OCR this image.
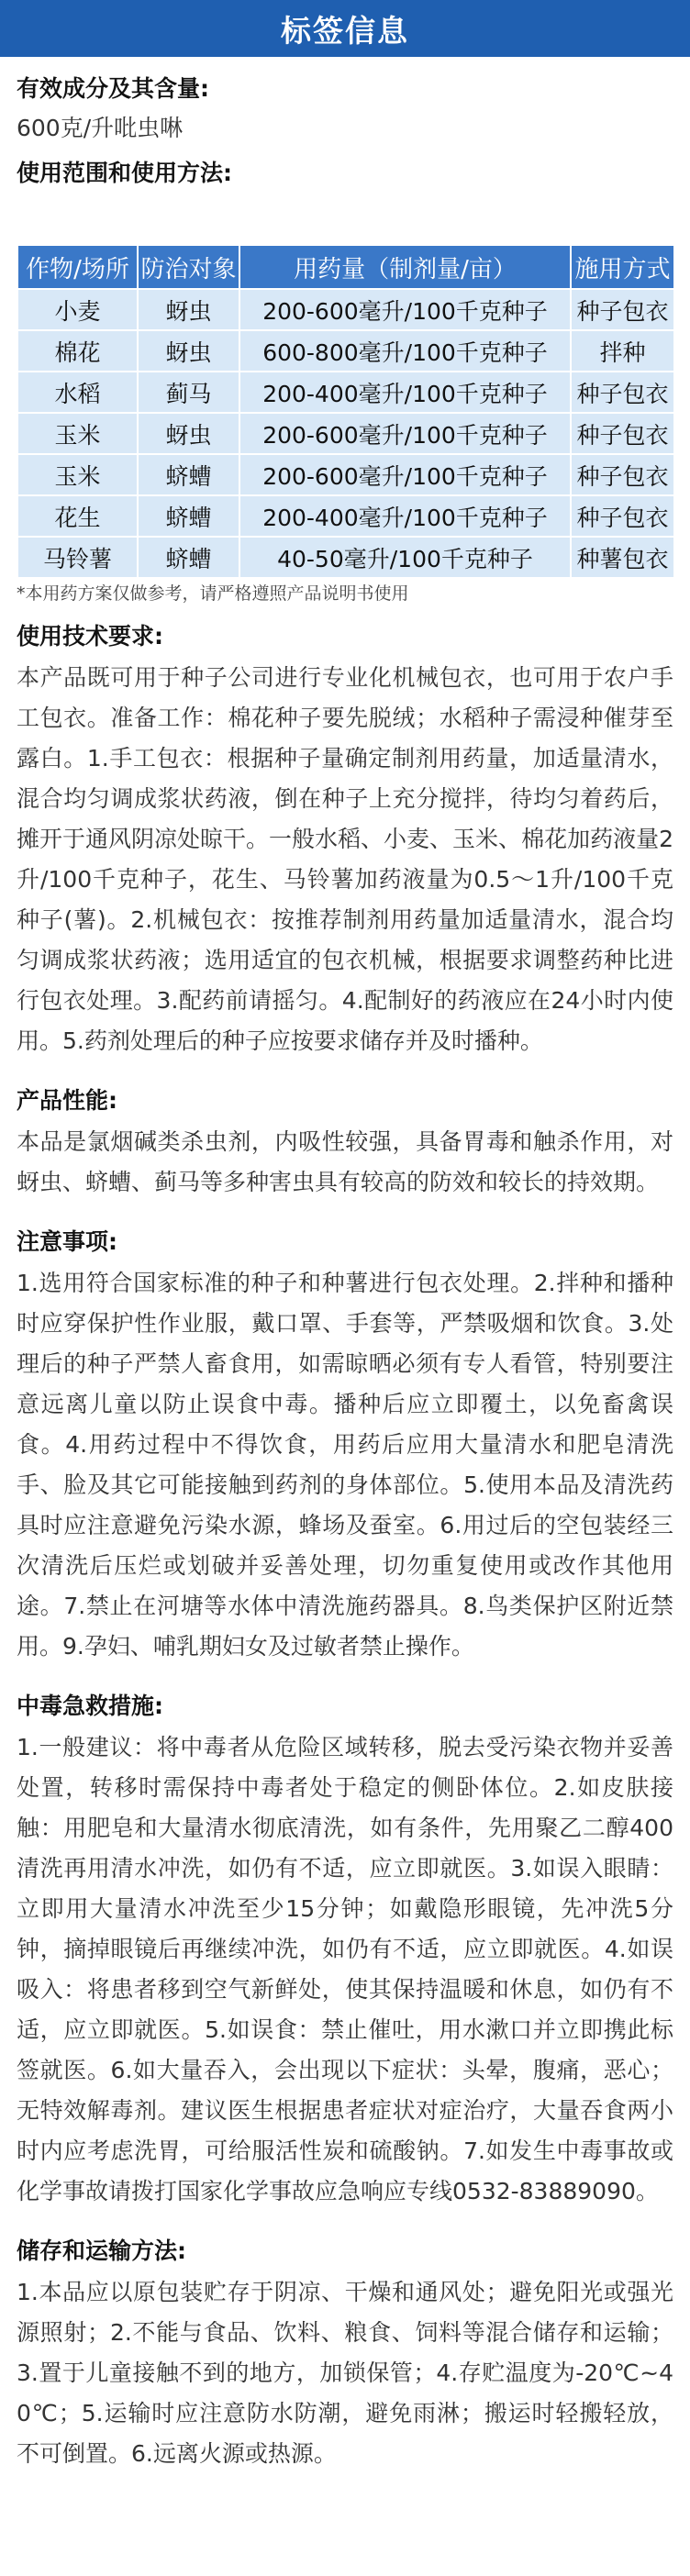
标签信息
有效成分及其含量:
600克/升吡虫啉
使用范围和使用方法:
作物/场所	防治对象	用药量（制剂量/亩）	施用方式
小麦	蚜虫	200-600毫升/100千克种子	种子包衣
棉花	蚜虫	600-800毫升/100千克种子	拌种
水稻	蓟马	200-400毫升/100千克种子	种子包衣
玉米	蚜虫	200-600毫升/100千克种子	种子包衣
玉米	蛴螬	200-600毫升/100千克种子	种子包衣
花生	蛴螬	200-400毫升/100千克种子	种子包衣
马铃薯	蛴螬	40-50毫升/100千克种子	种薯包衣
*本用药方案仅做参考，请严格遵照产品说明书使用
使用技术要求:
本产品既可用于种子公司进行专业化机械包衣，也可用于农户手工包衣。准备工作：棉花种子要先脱绒；水稻种子需浸种催芽至露白。1.手工包衣：根据种子量确定制剂用药量，加适量清水，混合均匀调成浆状药液，倒在种子上充分搅拌，待均匀着药后，摊开于通风阴凉处晾干。一般水稻、小麦、玉米、棉花加药液量2升/100千克种子，花生、马铃薯加药液量为0.5～1升/100千克种子(薯)。2.机械包衣：按推荐制剂用药量加适量清水，混合均匀调成浆状药液；选用适宜的包衣机械，根据要求调整药种比进行包衣处理。3.配药前请摇匀。4.配制好的药液应在24小时内使用。5.药剂处理后的种子应按要求储存并及时播种。
产品性能:
本品是氯烟碱类杀虫剂，内吸性较强，具备胃毒和触杀作用，对蚜虫、蛴螬、蓟马等多种害虫具有较高的防效和较长的持效期。
注意事项:
1.选用符合国家标准的种子和种薯进行包衣处理。2.拌种和播种时应穿保护性作业服，戴口罩、手套等，严禁吸烟和饮食。3.处理后的种子严禁人畜食用，如需晾晒必须有专人看管，特别要注意远离儿童以防止误食中毒。播种后应立即覆土，以免畜禽误食。4.用药过程中不得饮食，用药后应用大量清水和肥皂清洗手、脸及其它可能接触到药剂的身体部位。5.使用本品及清洗药具时应注意避免污染水源，蜂场及蚕室。6.用过后的空包装经三次清洗后压烂或划破并妥善处理，切勿重复使用或改作其他用途。7.禁止在河塘等水体中清洗施药器具。8.鸟类保护区附近禁用。9.孕妇、哺乳期妇女及过敏者禁止操作。
中毒急救措施:
1.一般建议：将中毒者从危险区域转移，脱去受污染衣物并妥善处置，转移时需保持中毒者处于稳定的侧卧体位。2.如皮肤接触：用肥皂和大量清水彻底清洗，如有条件，先用聚乙二醇400清洗再用清水冲洗，如仍有不适，应立即就医。3.如误入眼睛：立即用大量清水冲洗至少15分钟；如戴隐形眼镜，先冲洗5分钟，摘掉眼镜后再继续冲洗，如仍有不适，应立即就医。4.如误吸入：将患者移到空气新鲜处，使其保持温暖和休息，如仍有不适，应立即就医。5.如误食：禁止催吐，用水漱口并立即携此标签就医。6.如大量吞入，会出现以下症状：头晕，腹痛，恶心；无特效解毒剂。建议医生根据患者症状对症治疗，大量吞食两小时内应考虑洗胃，可给服活性炭和硫酸钠。7.如发生中毒事故或化学事故请拨打国家化学事故应急响应专线0532-83889090。
储存和运输方法:
1.本品应以原包装贮存于阴凉、干燥和通风处；避免阳光或强光源照射；2.不能与食品、饮料、粮食、饲料等混合储存和运输；3.置于儿童接触不到的地方，加锁保管；4.存贮温度为-20℃~40℃；5.运输时应注意防水防潮，避免雨淋；搬运时轻搬轻放，不可倒置。6.远离火源或热源。
